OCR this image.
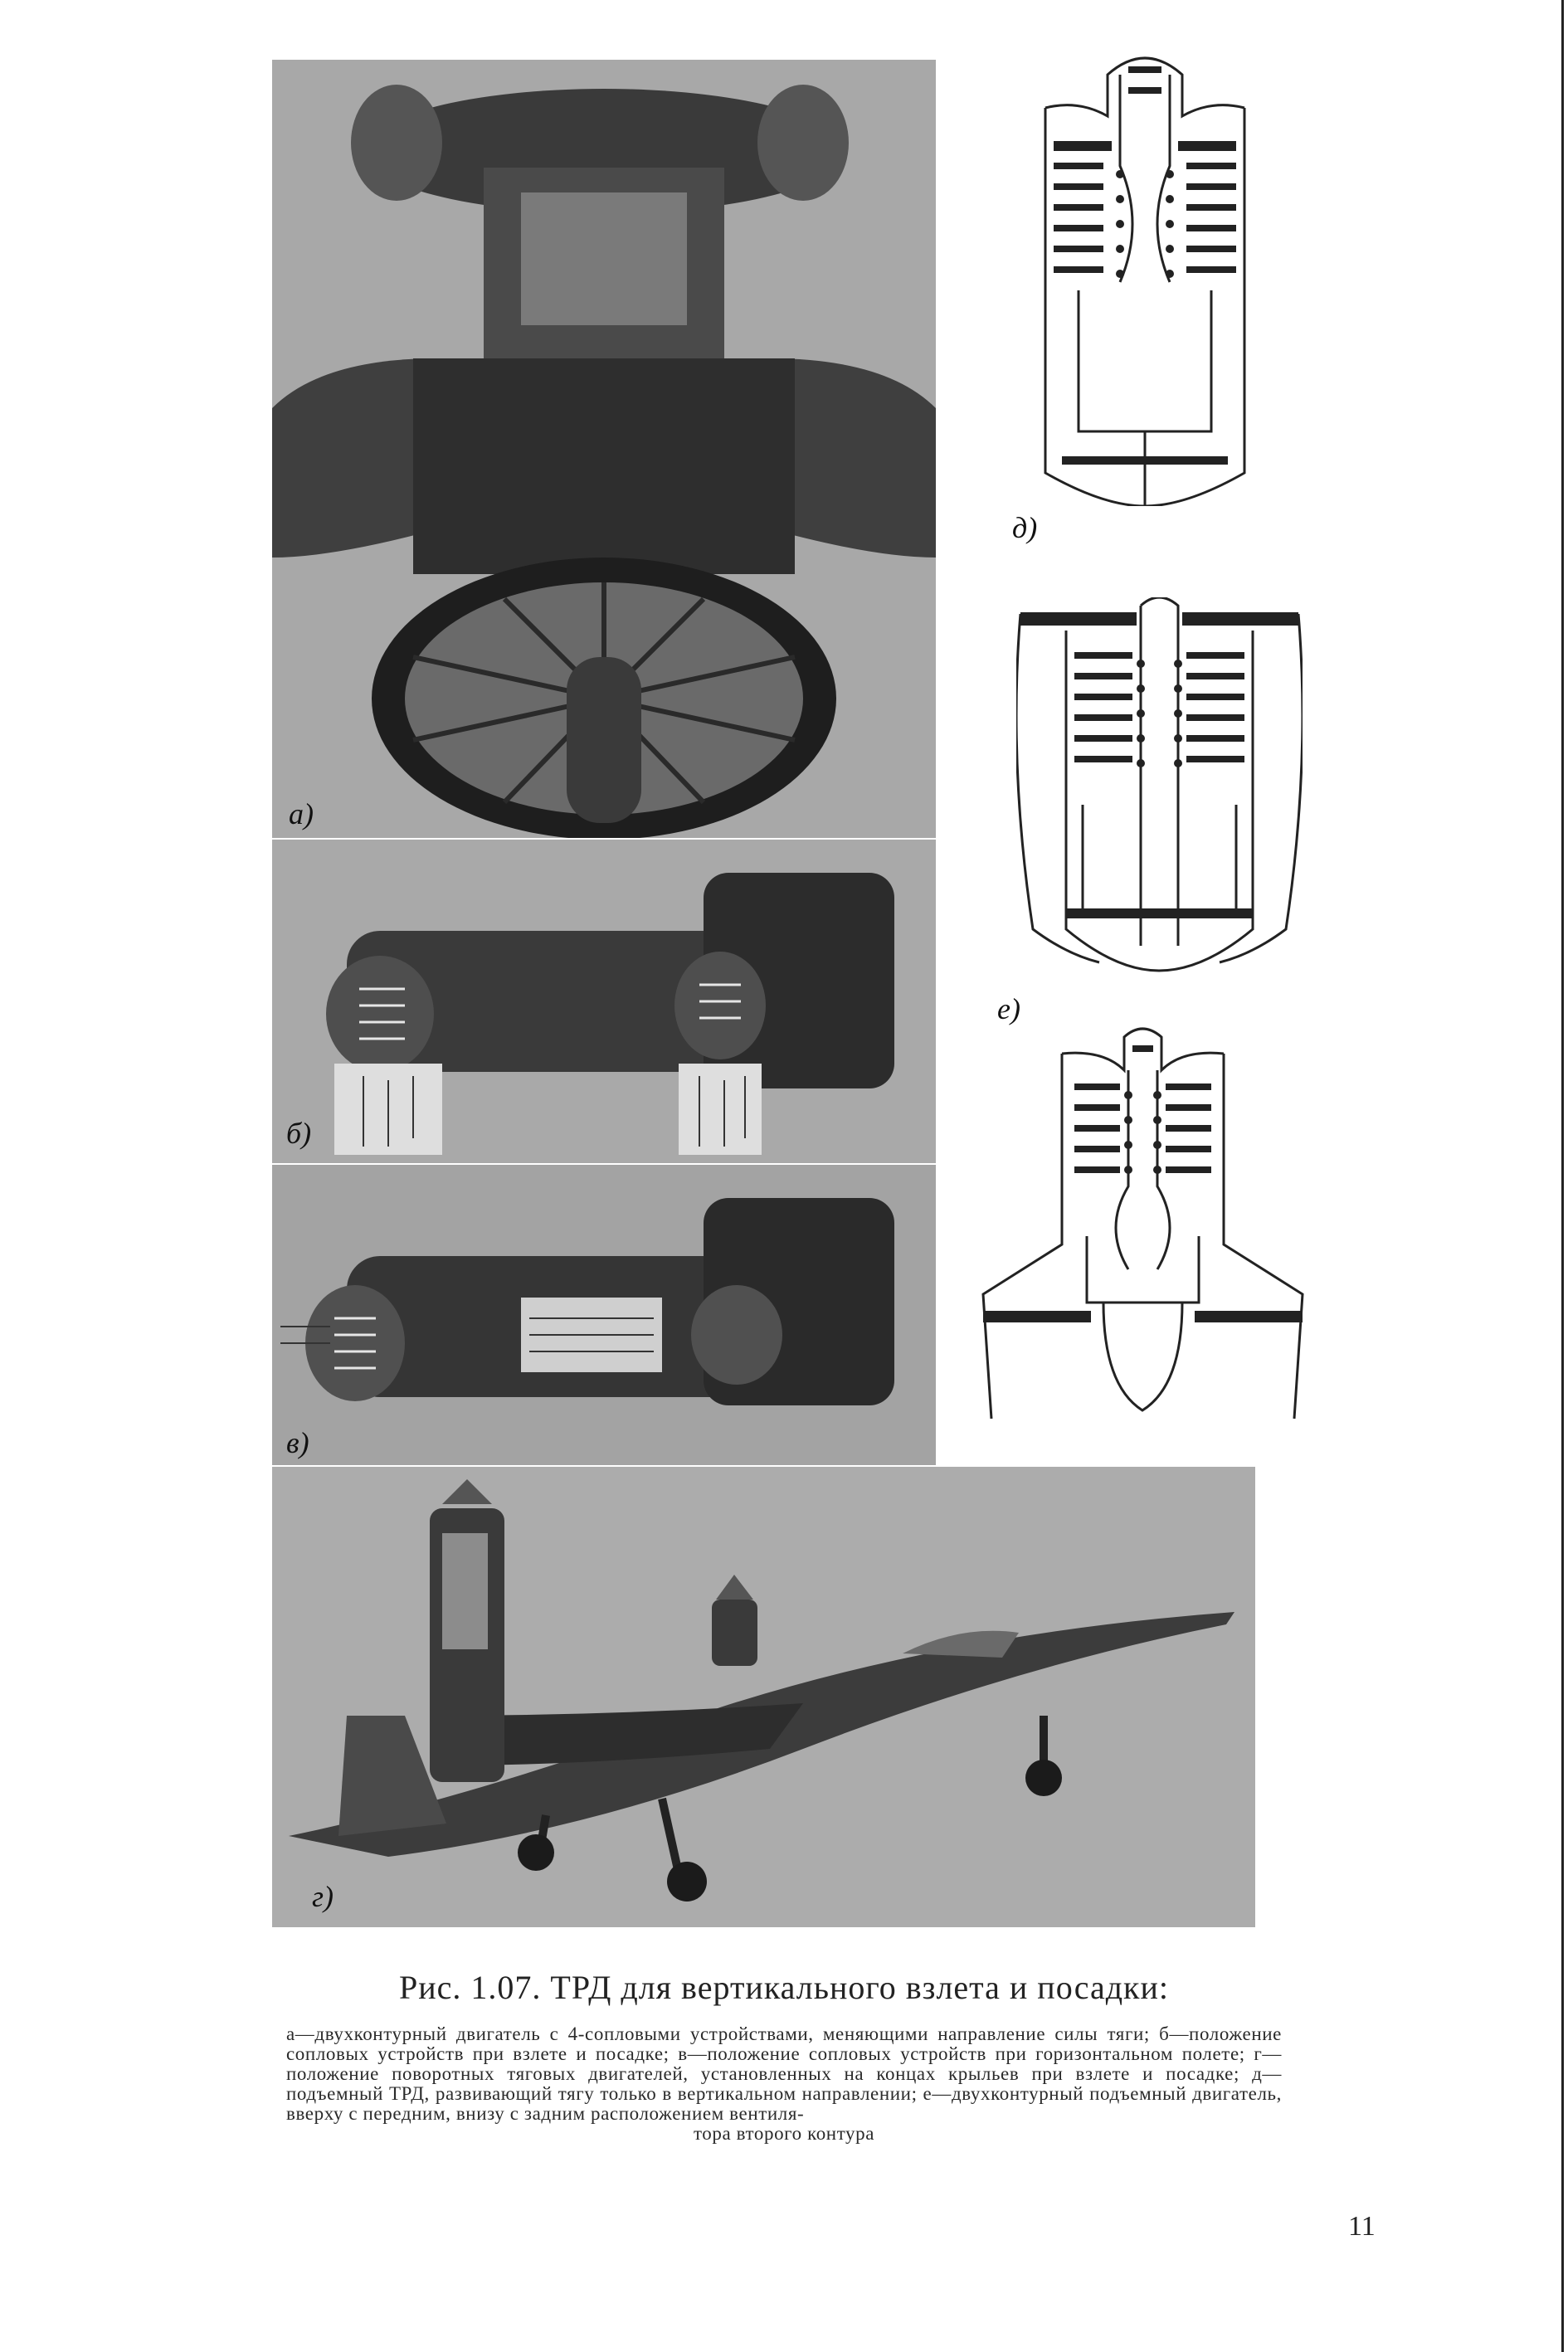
а)
б)
в)
г)
д)
е)
Рис. 1.07. ТРД для вертикального взлета и посадки:
а—двухконтурный двигатель с 4-сопловыми устройствами, меняющими направление силы тяги; б—положение сопловых устройств при взлете и посадке; в—положение сопловых устройств при горизонтальном полете; г—положение поворотных тяговых двигателей, установленных на концах крыльев при взлете и посадке; д—подъемный ТРД, развивающий тягу только в вертикальном направлении; е—двухконтурный подъемный двигатель, вверху с передним, внизу с задним расположением вентиля-
тора второго контура
11
